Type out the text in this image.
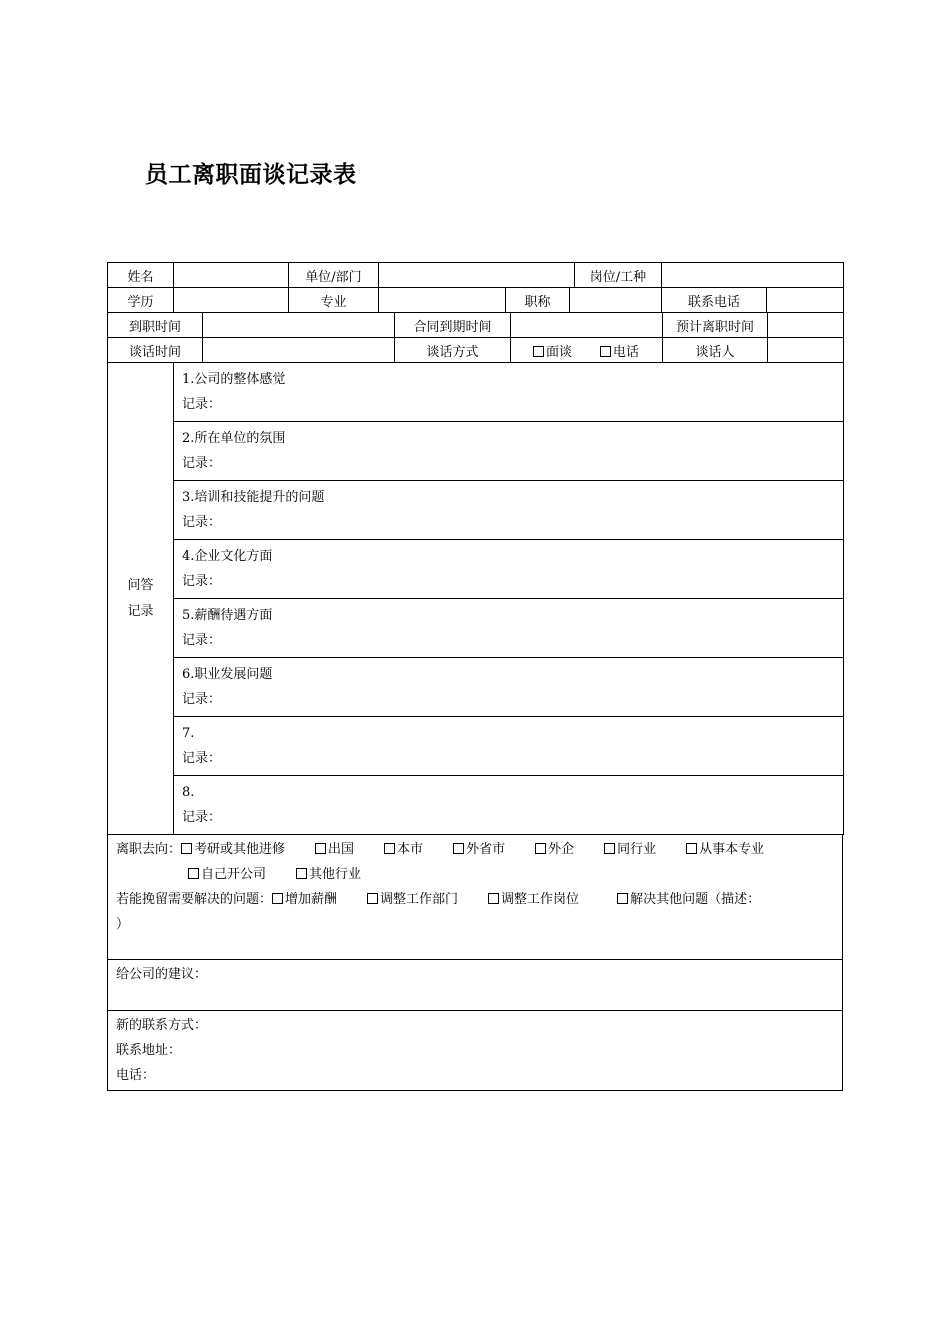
员工离职面谈记录表
姓名		单位/部门		岗位/工种	
学历		专业		职称		联系电话	
到职时间		合同到期时间		预计离职时间	
谈话时间		谈话方式	面谈 电话	谈话人	
问答
记录

1.公司的整体感觉
记录：

2.所在单位的氛围
记录：

3.培训和技能提升的问题
记录：

4.企业文化方面
记录：

5.薪酬待遇方面
记录：

6.职业发展问题
记录：

7.
记录：

8.
记录：
离职去向： 考研或其他进修	出国	本市	外省市	外企	同行业	从事本专业
自己开公司	其他行业
若能挽留需要解决的问题： 增加薪酬	调整工作部门	调整工作岗位	解决其他问题（描述：
）
给公司的建议：
新的联系方式：
联系地址：
电话：
